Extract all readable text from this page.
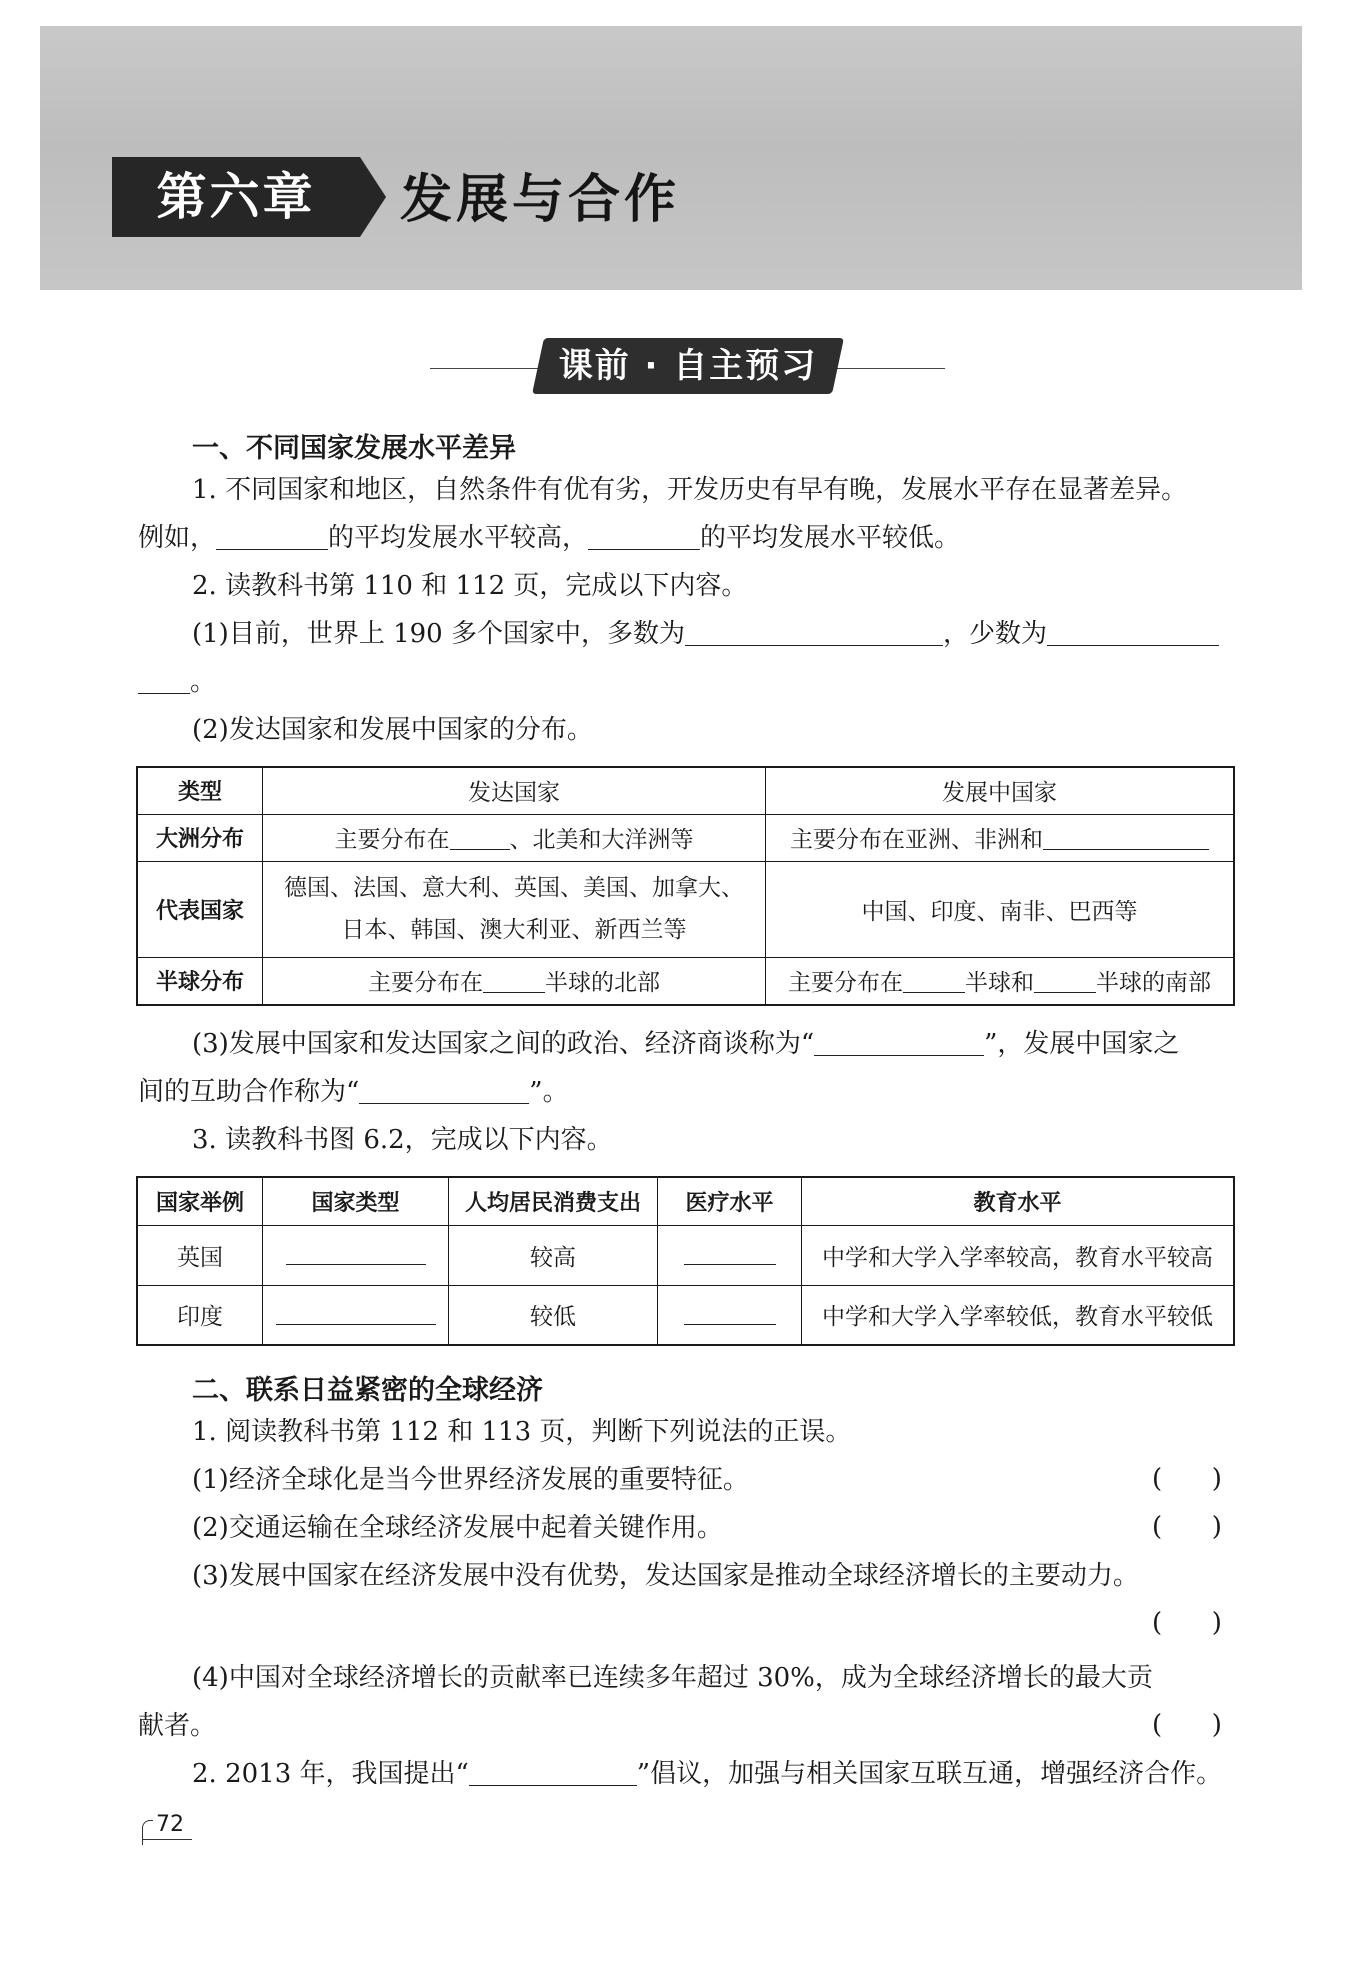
第六章	发展与合作
课前 · 自主预习
一、不同国家发展水平差异
1. 不同国家和地区，自然条件有优有劣，开发历史有早有晚，发展水平存在显著差异。
例如，	的平均发展水平较高，	的平均发展水平较低。
2. 读教科书第 110 和 112 页，完成以下内容。
(1)目前，世界上 190 多个国家中，多数为	，少数为
。
(2)发达国家和发展中国家的分布。
类型	发达国家	发展中国家
大洲分布	主要分布在 、北美和大洋洲等	主要分布在亚洲、非洲和
代表国家	德国、法国、意大利、英国、美国、加拿大、
日本、韩国、澳大利亚、新西兰等	中国、印度、南非、巴西等
半球分布	主要分布在 半球的北部	主要分布在 半球和 半球的南部
(3)发展中国家和发达国家之间的政治、经济商谈称为“	”，发展中国家之
间的互助合作称为“	”。
3. 读教科书图 6.2，完成以下内容。
国家举例	国家类型	人均居民消费支出	医疗水平	教育水平
英国		较高		中学和大学入学率较高，教育水平较高
印度		较低		中学和大学入学率较低，教育水平较低
二、联系日益紧密的全球经济
1. 阅读教科书第 112 和 113 页，判断下列说法的正误。
(1)经济全球化是当今世界经济发展的重要特征。	(      )
(2)交通运输在全球经济发展中起着关键作用。	(      )
(3)发展中国家在经济发展中没有优势，发达国家是推动全球经济增长的主要动力。
(      )
(4)中国对全球经济增长的贡献率已连续多年超过 30%，成为全球经济增长的最大贡
献者。	(      )
2. 2013 年，我国提出“	”倡议，加强与相关国家互联互通，增强经济合作。
72
